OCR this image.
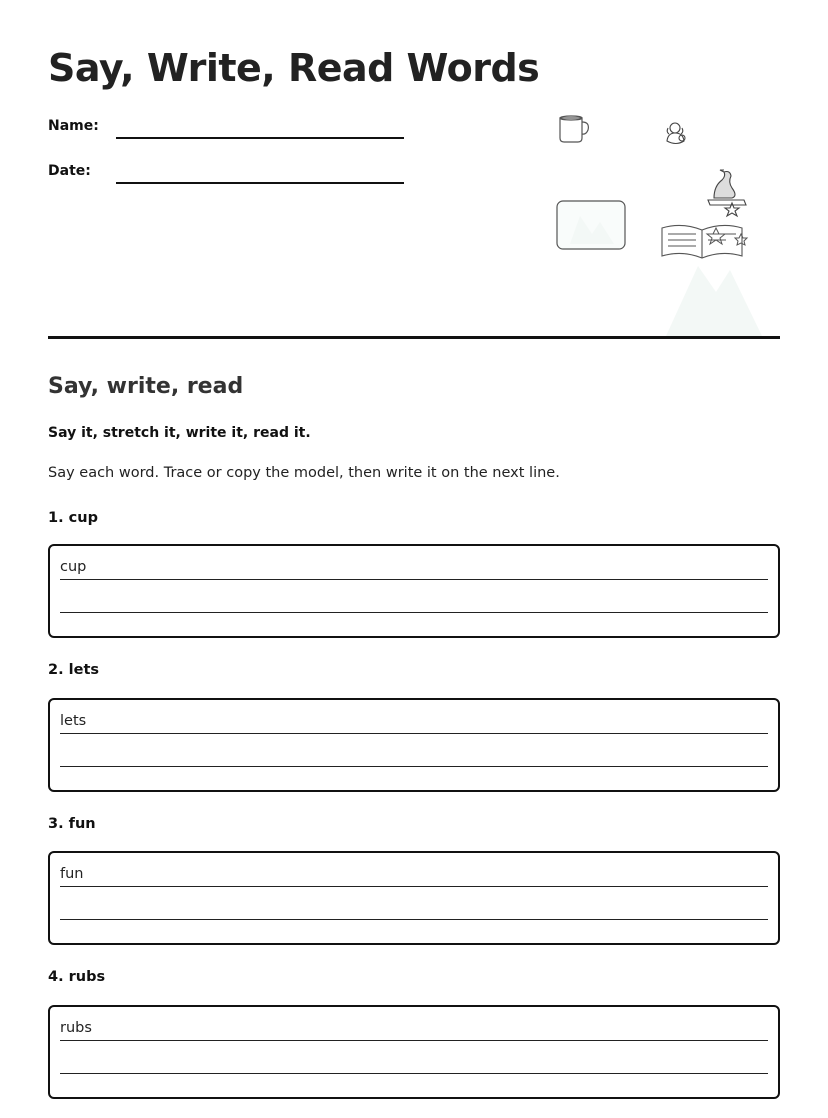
Say, Write, Read Words
Name:
Date:
Say, write, read
Say it, stretch it, write it, read it.
Say each word. Trace or copy the model, then write it on the next line.
1. cup
cup
2. lets
lets
3. fun
fun
4. rubs
rubs
